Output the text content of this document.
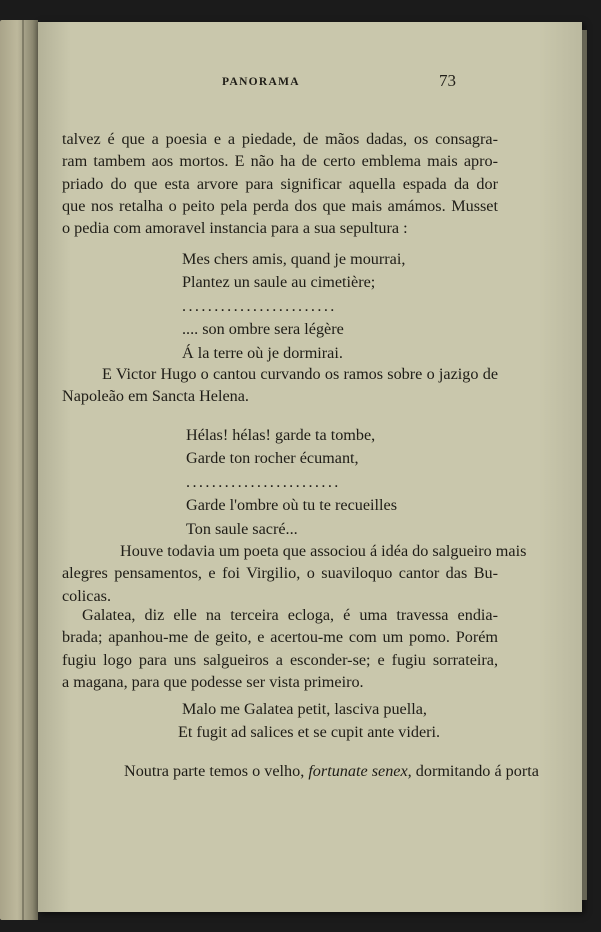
PANORAMA	73
talvez é que a poesia e a piedade, de mãos dadas, os consagra-
ram tambem aos mortos. E não ha de certo emblema mais apro-
priado do que esta arvore para significar aquella espada da dor
que nos retalha o peito pela perda dos que mais amámos. Musset
o pedia com amoravel instancia para a sua sepultura :
Mes chers amis, quand je mourrai,
Plantez un saule au cimetière;
........................
.... son ombre sera légère
Á la terre où je dormirai.
E Victor Hugo o cantou curvando os ramos sobre o jazigo de
Napoleão em Sancta Helena.
Hélas! hélas! garde ta tombe,
Garde ton rocher écumant,
........................
Garde l'ombre où tu te recueilles
Ton saule sacré...
Houve todavia um poeta que associou á idéa do salgueiro mais
alegres pensamentos, e foi Virgilio, o suaviloquo cantor das Bu-
colicas.
Galatea, diz elle na terceira ecloga, é uma travessa endia-
brada; apanhou-me de geito, e acertou-me com um pomo. Porém
fugiu logo para uns salgueiros a esconder-se; e fugiu sorrateira,
a magana, para que podesse ser vista primeiro.
Malo me Galatea petit, lasciva puella,
Et fugit ad salices et se cupit ante videri.
Noutra parte temos o velho, fortunate senex, dormitando á porta
